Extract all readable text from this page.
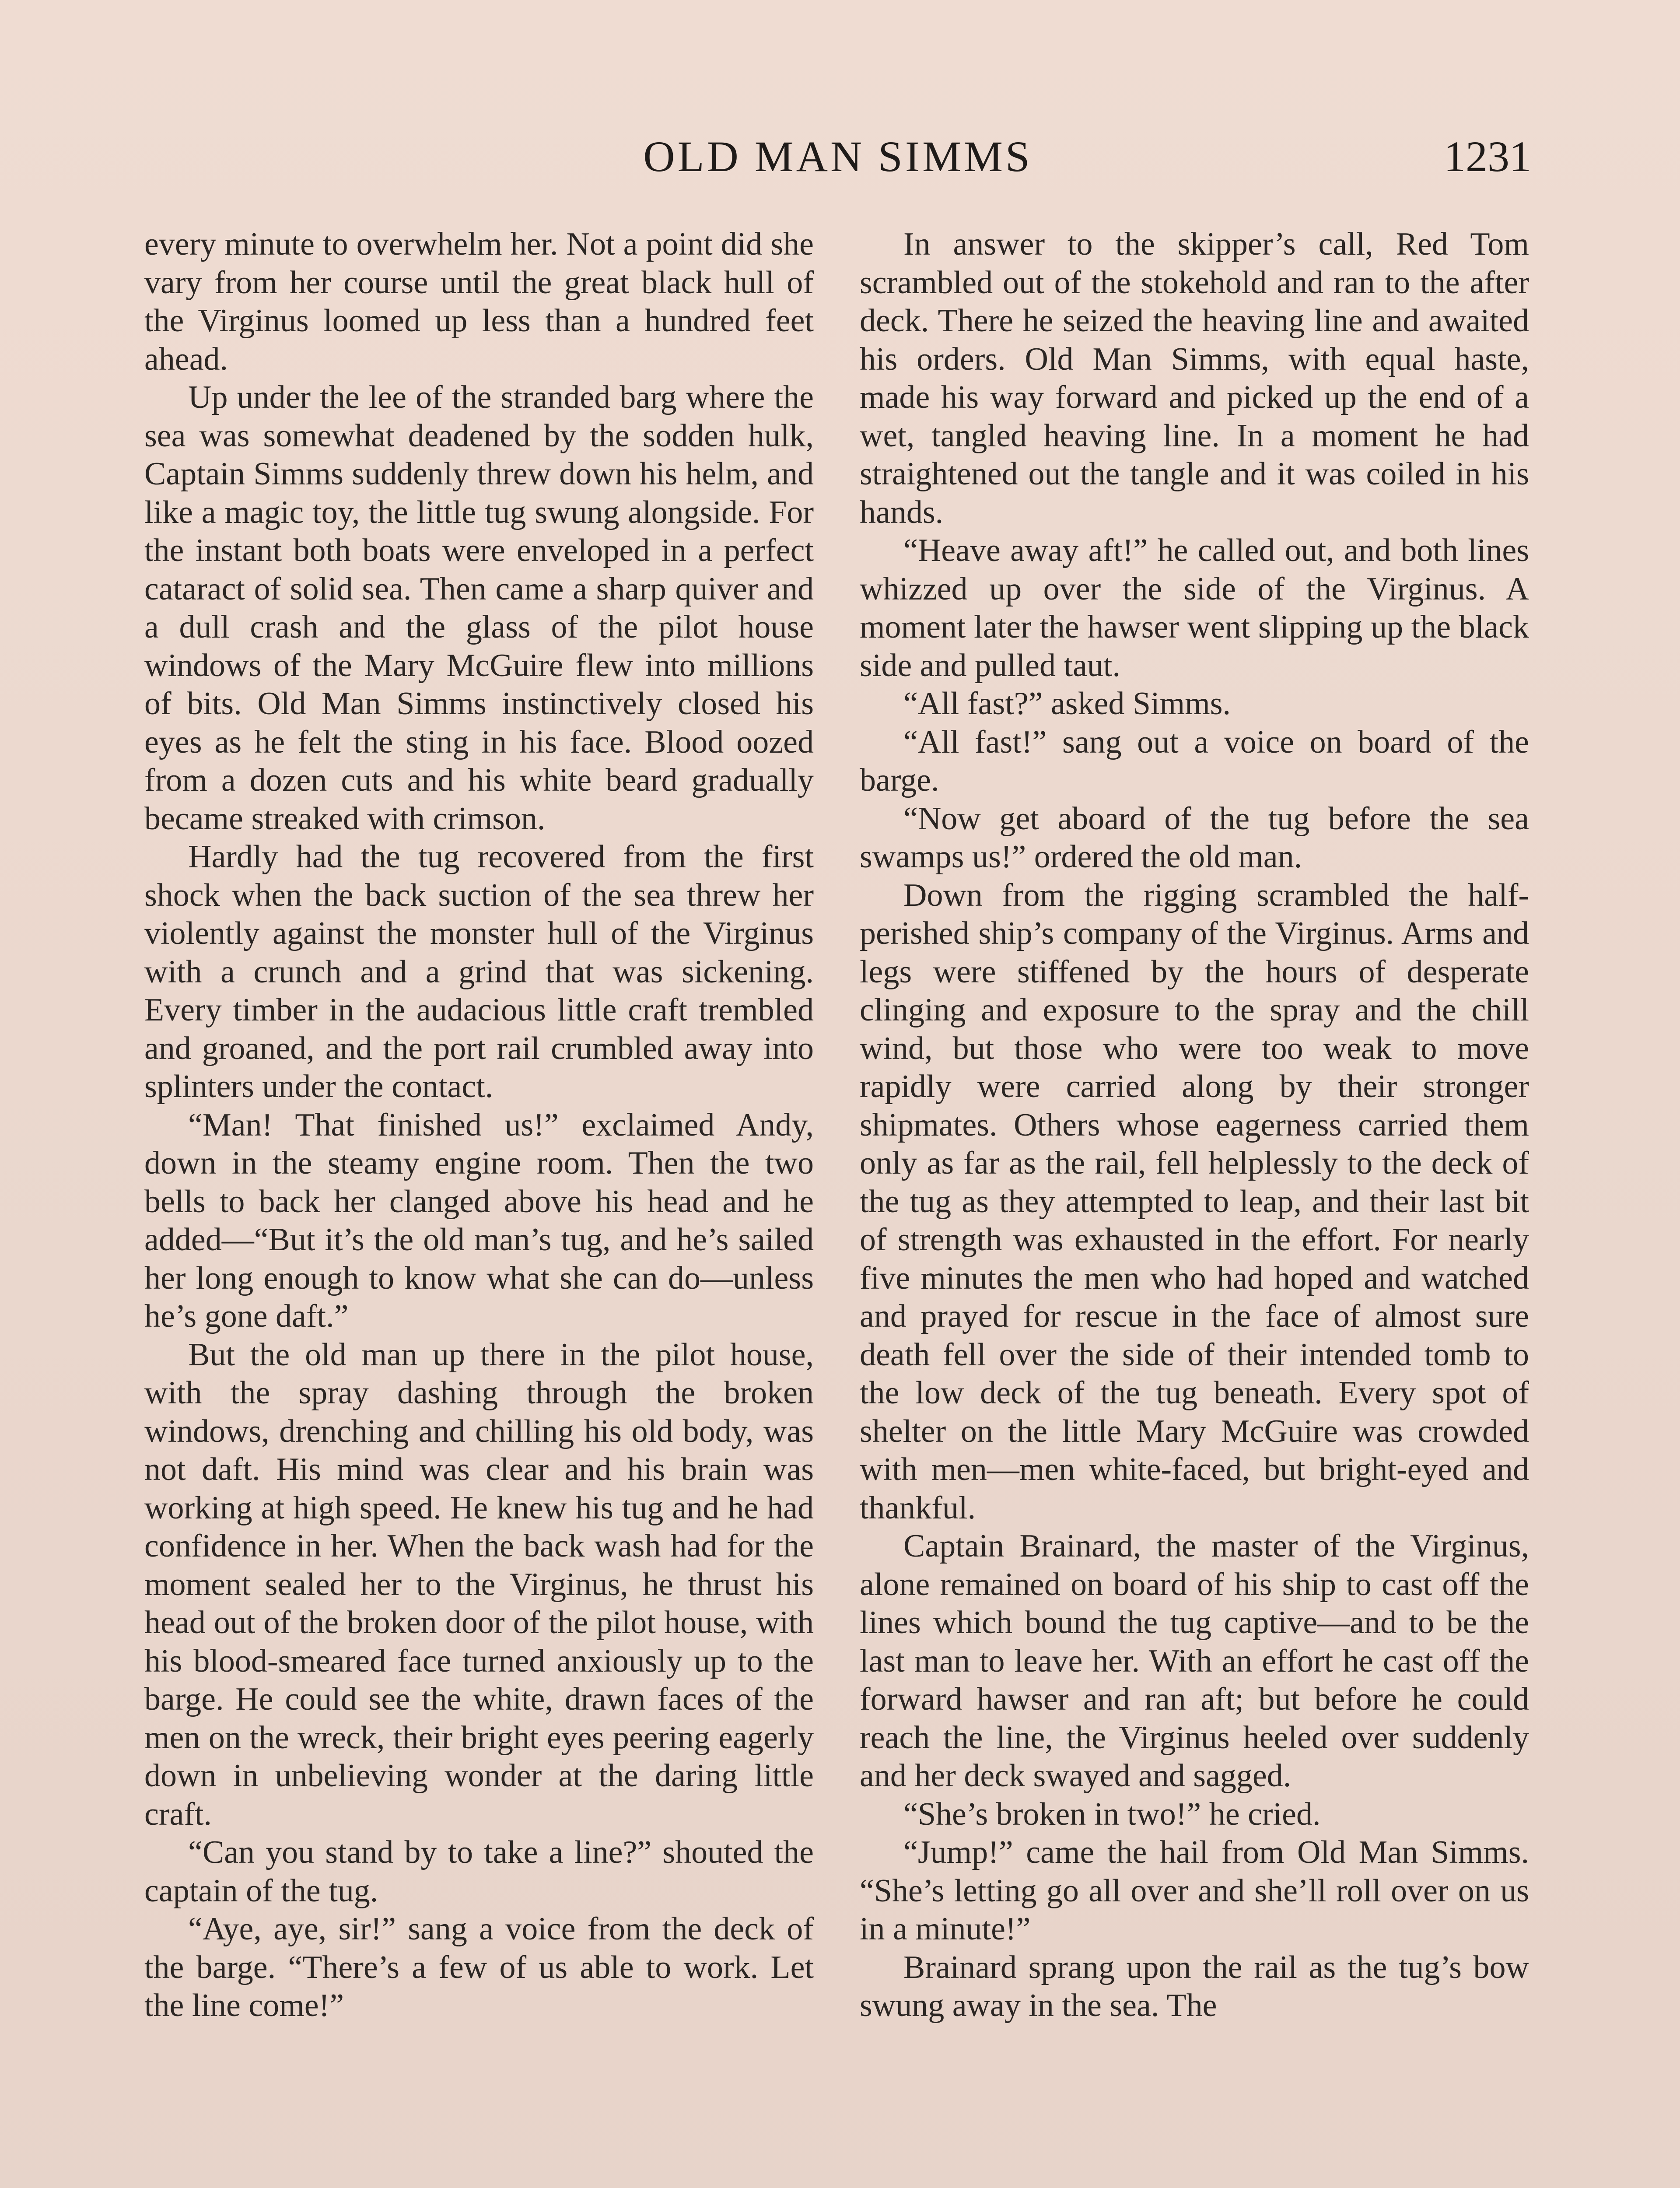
OLD MAN SIMMS	1231

every minute to overwhelm her. Not a point did she vary from her course until the great black hull of the Virginus loomed up less than a hundred feet ahead.

Up under the lee of the stranded barg where the sea was somewhat deadened by the sodden hulk, Captain Simms suddenly threw down his helm, and like a magic toy, the little tug swung alongside. For the instant both boats were enveloped in a perfect cataract of solid sea. Then came a sharp quiver and a dull crash and the glass of the pilot house windows of the Mary McGuire flew into millions of bits. Old Man Simms instinctively closed his eyes as he felt the sting in his face. Blood oozed from a dozen cuts and his white beard gradually became streaked with crimson.

Hardly had the tug recovered from the first shock when the back suction of the sea threw her violently against the monster hull of the Virginus with a crunch and a grind that was sickening. Every timber in the audacious little craft trembled and groaned, and the port rail crumbled away into splinters under the contact.

“Man! That finished us!” exclaimed Andy, down in the steamy engine room. Then the two bells to back her clanged above his head and he added—“But it’s the old man’s tug, and he’s sailed her long enough to know what she can do—unless he’s gone daft.”

But the old man up there in the pilot house, with the spray dashing through the broken windows, drenching and chilling his old body, was not daft. His mind was clear and his brain was working at high speed. He knew his tug and he had confidence in her. When the back wash had for the moment sealed her to the Virginus, he thrust his head out of the broken door of the pilot house, with his blood-smeared face turned anxiously up to the barge. He could see the white, drawn faces of the men on the wreck, their bright eyes peering eagerly down in unbelieving wonder at the daring little craft.

“Can you stand by to take a line?” shouted the captain of the tug.

“Aye, aye, sir!” sang a voice from the deck of the barge. “There’s a few of us able to work. Let the line come!”

In answer to the skipper’s call, Red Tom scrambled out of the stokehold and ran to the after deck. There he seized the heaving line and awaited his orders. Old Man Simms, with equal haste, made his way forward and picked up the end of a wet, tangled heaving line. In a moment he had straightened out the tangle and it was coiled in his hands.

“Heave away aft!” he called out, and both lines whizzed up over the side of the Virginus. A moment later the hawser went slipping up the black side and pulled taut.

“All fast?” asked Simms.

“All fast!” sang out a voice on board of the barge.

“Now get aboard of the tug before the sea swamps us!” ordered the old man.

Down from the rigging scrambled the half-perished ship’s company of the Virginus. Arms and legs were stiffened by the hours of desperate clinging and exposure to the spray and the chill wind, but those who were too weak to move rapidly were carried along by their stronger shipmates. Others whose eagerness carried them only as far as the rail, fell helplessly to the deck of the tug as they attempted to leap, and their last bit of strength was exhausted in the effort. For nearly five minutes the men who had hoped and watched and prayed for rescue in the face of almost sure death fell over the side of their intended tomb to the low deck of the tug beneath. Every spot of shelter on the little Mary McGuire was crowded with men—men white-faced, but bright-eyed and thankful.

Captain Brainard, the master of the Virginus, alone remained on board of his ship to cast off the lines which bound the tug captive—and to be the last man to leave her. With an effort he cast off the forward hawser and ran aft; but before he could reach the line, the Virginus heeled over suddenly and her deck swayed and sagged.

“She’s broken in two!” he cried.

“Jump!” came the hail from Old Man Simms. “She’s letting go all over and she’ll roll over on us in a minute!”

Brainard sprang upon the rail as the tug’s bow swung away in the sea. The
